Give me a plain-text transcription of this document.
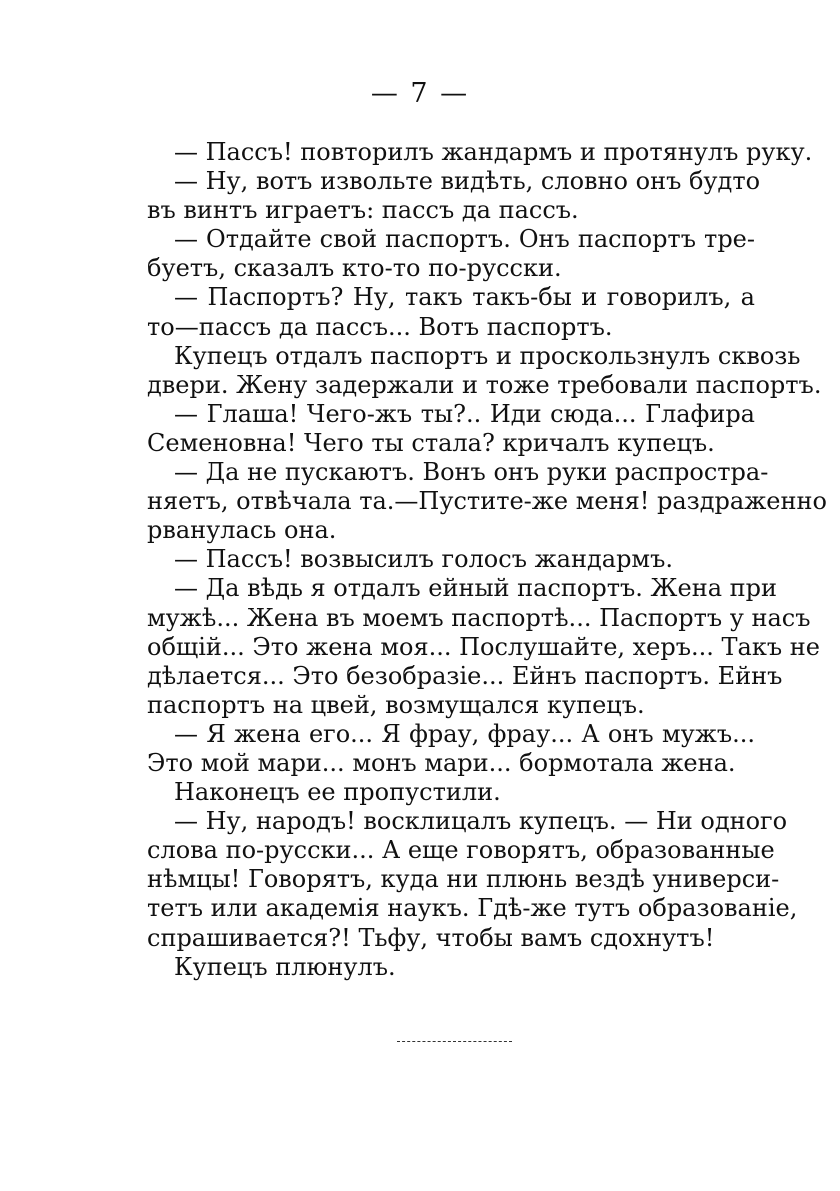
— 7 —
— Пассъ! повторилъ жандармъ и протянулъ руку.
— Ну, вотъ извольте видѣть, словно онъ будто
въ винтъ играетъ: пассъ да пассъ.
— Отдайте свой паспортъ. Онъ паспортъ тре-
буетъ, сказалъ кто-то по-русски.
— Паспортъ? Ну, такъ такъ-бы и говорилъ, а
то—пассъ да пассъ... Вотъ паспортъ.
Купецъ отдалъ паспортъ и проскользнулъ сквозь
двери. Жену задержали и тоже требовали паспортъ.
— Глаша! Чего-жъ ты?.. Иди сюда... Глафира
Семеновна! Чего ты стала? кричалъ купецъ.
— Да не пускаютъ. Вонъ онъ руки распростра-
няетъ, отвѣчала та.—Пустите-же меня! раздраженно
рванулась она.
— Пассъ! возвысилъ голосъ жандармъ.
— Да вѣдь я отдалъ ейный паспортъ. Жена при
мужѣ... Жена въ моемъ паспортѣ... Паспортъ у насъ
общій... Это жена моя... Послушайте, херъ... Такъ не
дѣлается... Это безобразіе... Ейнъ паспортъ. Ейнъ
паспортъ на цвей, возмущался купецъ.
— Я жена его... Я фрау, фрау... А онъ мужъ...
Это мой мари... монъ мари... бормотала жена.
Наконецъ ее пропустили.
— Ну, народъ! восклицалъ купецъ. — Ни одного
слова по-русски... А еще говорятъ, образованные
нѣмцы! Говорятъ, куда ни плюнь вездѣ универси-
тетъ или академія наукъ. Гдѣ-же тутъ образованіе,
спрашивается?! Тьфу, чтобы вамъ сдохнутъ!
Купецъ плюнулъ.
